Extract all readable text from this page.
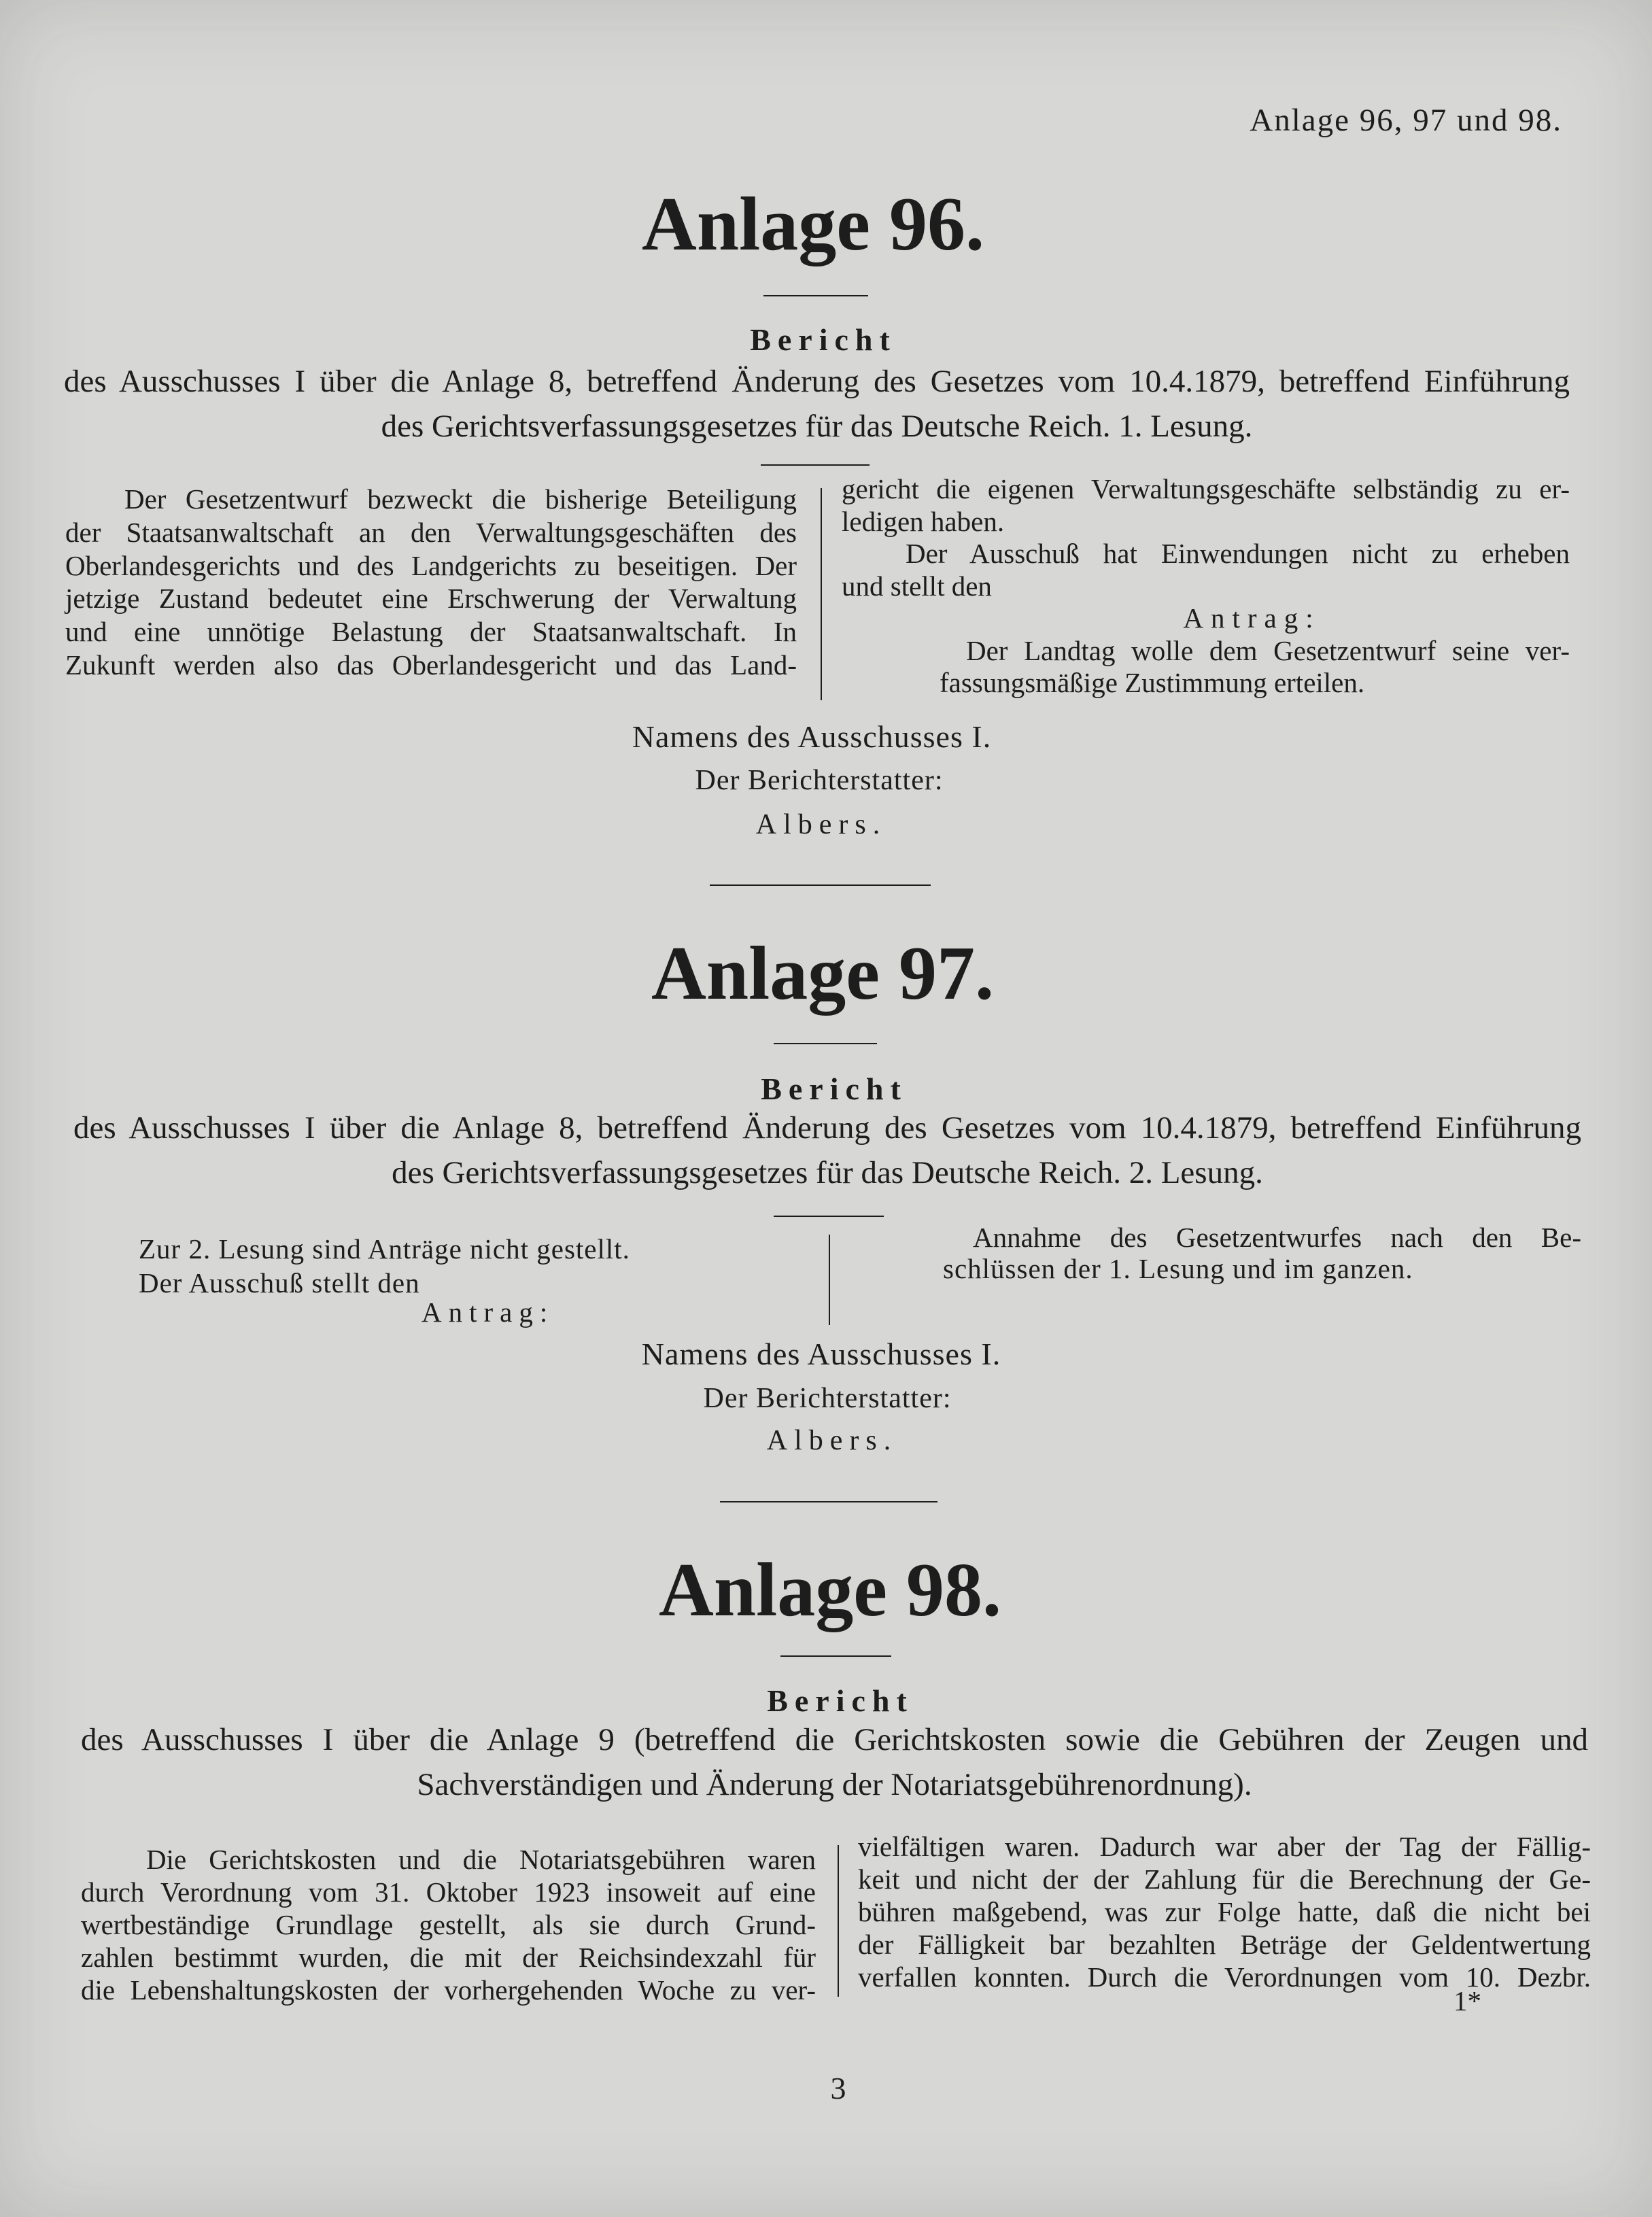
Anlage 96, 97 und 98.
Anlage 96.
Bericht
des Ausschusses I über die Anlage 8, betreffend Änderung des Gesetzes vom 10.4.1879, betreffend Einführung
des Gerichtsverfassungsgesetzes für das Deutsche Reich. 1. Lesung.
Der Gesetzentwurf bezweckt die bisherige Beteiligung
der Staatsanwaltschaft an den Verwaltungsgeschäften des
Oberlandesgerichts und des Landgerichts zu beseitigen. Der
jetzige Zustand bedeutet eine Erschwerung der Verwaltung
und eine unnötige Belastung der Staatsanwaltschaft. In
Zukunft werden also das Oberlandesgericht und das Land-
gericht die eigenen Verwaltungsgeschäfte selbständig zu er-
ledigen haben.
Der Ausschuß hat Einwendungen nicht zu erheben
und stellt den
Antrag:
Der Landtag wolle dem Gesetzentwurf seine ver-
fassungsmäßige Zustimmung erteilen.
Namens des Ausschusses I.
Der Berichterstatter:
Albers.
Anlage 97.
Bericht
des Ausschusses I über die Anlage 8, betreffend Änderung des Gesetzes vom 10.4.1879, betreffend Einführung
des Gerichtsverfassungsgesetzes für das Deutsche Reich. 2. Lesung.
Zur 2. Lesung sind Anträge nicht gestellt.
Der Ausschuß stellt den
Antrag:
Annahme des Gesetzentwurfes nach den Be-
schlüssen der 1. Lesung und im ganzen.
Namens des Ausschusses I.
Der Berichterstatter:
Albers.
Anlage 98.
Bericht
des Ausschusses I über die Anlage 9 (betreffend die Gerichtskosten sowie die Gebühren der Zeugen und
Sachverständigen und Änderung der Notariatsgebührenordnung).
Die Gerichtskosten und die Notariatsgebühren waren
durch Verordnung vom 31. Oktober 1923 insoweit auf eine
wertbeständige Grundlage gestellt, als sie durch Grund-
zahlen bestimmt wurden, die mit der Reichsindexzahl für
die Lebenshaltungskosten der vorhergehenden Woche zu ver-
vielfältigen waren. Dadurch war aber der Tag der Fällig-
keit und nicht der der Zahlung für die Berechnung der Ge-
bühren maßgebend, was zur Folge hatte, daß die nicht bei
der Fälligkeit bar bezahlten Beträge der Geldentwertung
verfallen konnten. Durch die Verordnungen vom 10. Dezbr.
1*
3
